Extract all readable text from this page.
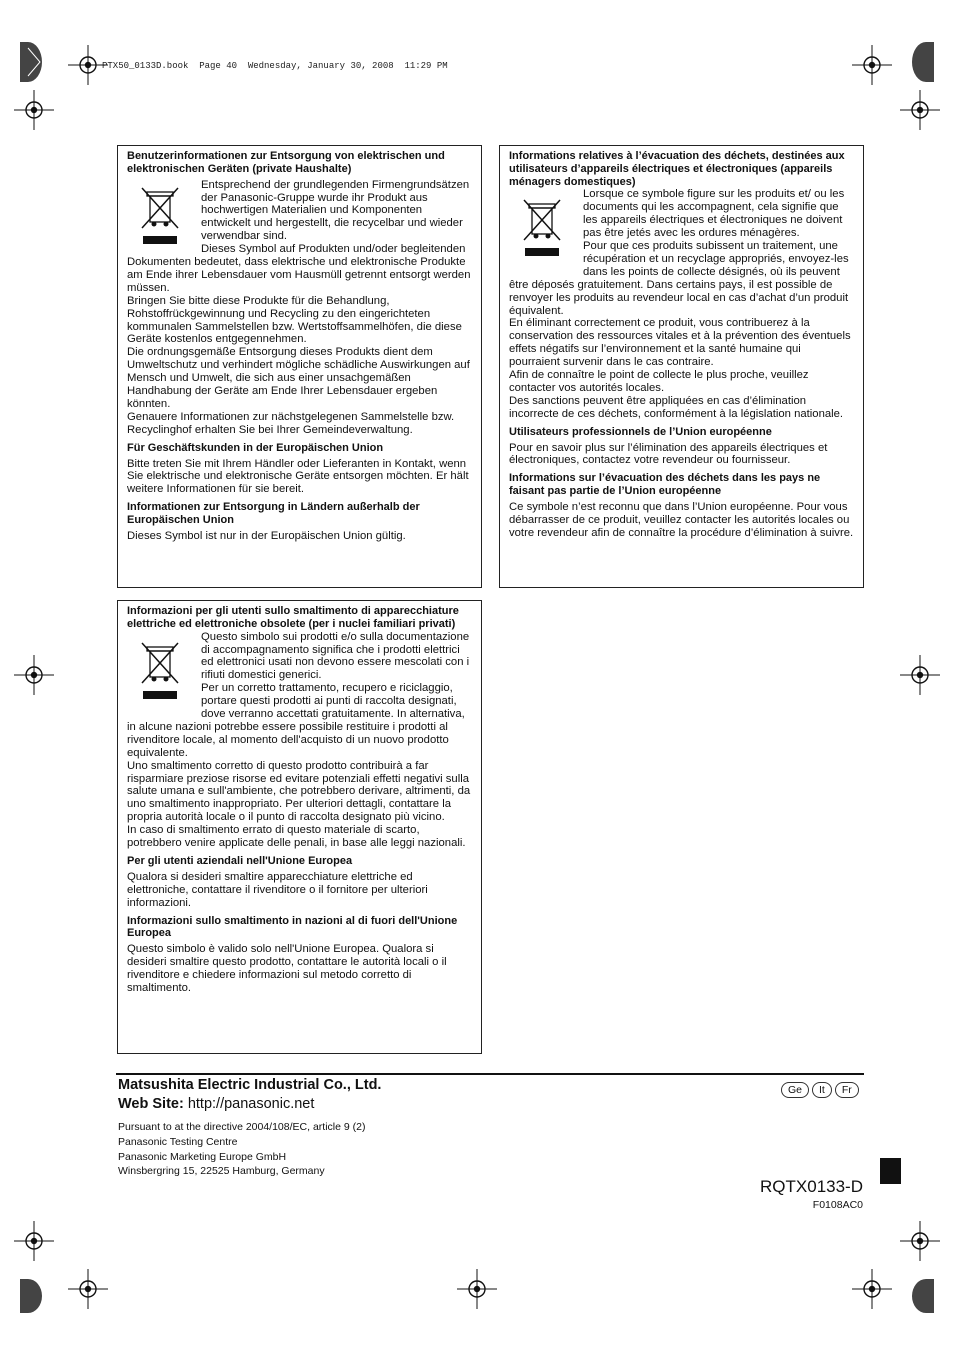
PTX50_0133D.book  Page 40  Wednesday, January 30, 2008  11:29 PM

Benutzerinformationen zur Entsorgung von elektrischen und elektronischen Geräten (private Haushalte)

Entsprechend der grundlegenden Firmengrundsätzen der Panasonic-Gruppe wurde ihr Produkt aus hochwertigen Materialien und Komponenten entwickelt und hergestellt, die recycelbar und wieder verwendbar sind.

Dieses Symbol auf Produkten und/oder begleitenden Dokumenten bedeutet, dass elektrische und elektronische Produkte am Ende ihrer Lebensdauer vom Hausmüll getrennt entsorgt werden müssen.

Bringen Sie bitte diese Produkte für die Behandlung, Rohstoffrückgewinnung und Recycling zu den eingerichteten kommunalen Sammelstellen bzw. Wertstoffsammelhöfen, die diese Geräte kostenlos entgegennehmen.

Die ordnungsgemäße Entsorgung dieses Produkts dient dem Umweltschutz und verhindert mögliche schädliche Auswirkungen auf Mensch und Umwelt, die sich aus einer unsachgemäßen Handhabung der Geräte am Ende Ihrer Lebensdauer ergeben könnten.

Genauere Informationen zur nächstgelegenen Sammelstelle bzw. Recyclinghof erhalten Sie bei Ihrer Gemeindeverwaltung.

Für Geschäftskunden in der Europäischen Union

Bitte treten Sie mit Ihrem Händler oder Lieferanten in Kontakt, wenn Sie elektrische und elektronische Geräte entsorgen möchten. Er hält weitere Informationen für sie bereit.

Informationen zur Entsorgung in Ländern außerhalb der Europäischen Union

Dieses Symbol ist nur in der Europäischen Union gültig.

Informations relatives à l’évacuation des déchets, destinées aux utilisateurs d’appareils électriques et électroniques (appareils ménagers domestiques)

Lorsque ce symbole figure sur les produits et/ ou les documents qui les accompagnent, cela signifie que les appareils électriques et électroniques ne doivent pas être jetés avec les ordures ménagères.

Pour que ces produits subissent un traitement, une récupération et un recyclage appropriés, envoyez-les dans les points de collecte désignés, où ils peuvent être déposés gratuitement. Dans certains pays, il est possible de renvoyer les produits au revendeur local en cas d’achat d’un produit équivalent.

En éliminant correctement ce produit, vous contribuerez à la conservation des ressources vitales et à la prévention des éventuels effets négatifs sur l’environnement et la santé humaine qui pourraient survenir dans le cas contraire.

Afin de connaître le point de collecte le plus proche, veuillez contacter vos autorités locales.

Des sanctions peuvent être appliquées en cas d’élimination incorrecte de ces déchets, conformément à la législation nationale.

Utilisateurs professionnels de l’Union européenne

Pour en savoir plus sur l’élimination des appareils électriques et électroniques, contactez votre revendeur ou fournisseur.

Informations sur l’évacuation des déchets dans les pays ne faisant pas partie de l’Union européenne

Ce symbole n’est reconnu que dans l’Union européenne. Pour vous débarrasser de ce produit, veuillez contacter les autorités locales ou votre revendeur afin de connaître la procédure d’élimination à suivre.

Informazioni per gli utenti sullo smaltimento di apparecchiature elettriche ed elettroniche obsolete (per i nuclei familiari privati)

Questo simbolo sui prodotti e/o sulla documentazione di accompagnamento significa che i prodotti elettrici ed elettronici usati non devono essere mescolati con i rifiuti domestici generici.

Per un corretto trattamento, recupero e riciclaggio, portare questi prodotti ai punti di raccolta designati, dove verranno accettati gratuitamente. In alternativa, in alcune nazioni potrebbe essere possibile restituire i prodotti al rivenditore locale, al momento dell'acquisto di un nuovo prodotto equivalente.

Uno smaltimento corretto di questo prodotto contribuirà a far risparmiare preziose risorse ed evitare potenziali effetti negativi sulla salute umana e sull'ambiente, che potrebbero derivare, altrimenti, da uno smaltimento inappropriato. Per ulteriori dettagli, contattare la propria autorità locale o il punto di raccolta designato più vicino.

In caso di smaltimento errato di questo materiale di scarto, potrebbero venire applicate delle penali, in base alle leggi nazionali.

Per gli utenti aziendali nell'Unione Europea

Qualora si desideri smaltire apparecchiature elettriche ed elettroniche, contattare il rivenditore o il fornitore per ulteriori informazioni.

Informazioni sullo smaltimento in nazioni al di fuori dell'Unione Europea

Questo simbolo è valido solo nell'Unione Europea. Qualora si desideri smaltire questo prodotto, contattare le autorità locali o il rivenditore e chiedere informazioni sul metodo corretto di smaltimento.

Matsushita Electric Industrial Co., Ltd.
Web Site: http://panasonic.net
Pursuant to at the directive 2004/108/EC, article 9 (2)
Panasonic Testing Centre
Panasonic Marketing Europe GmbH
Winsbergring 15, 22525 Hamburg, Germany
Ge	It	Fr
RQTX0133-D
F0108AC0
